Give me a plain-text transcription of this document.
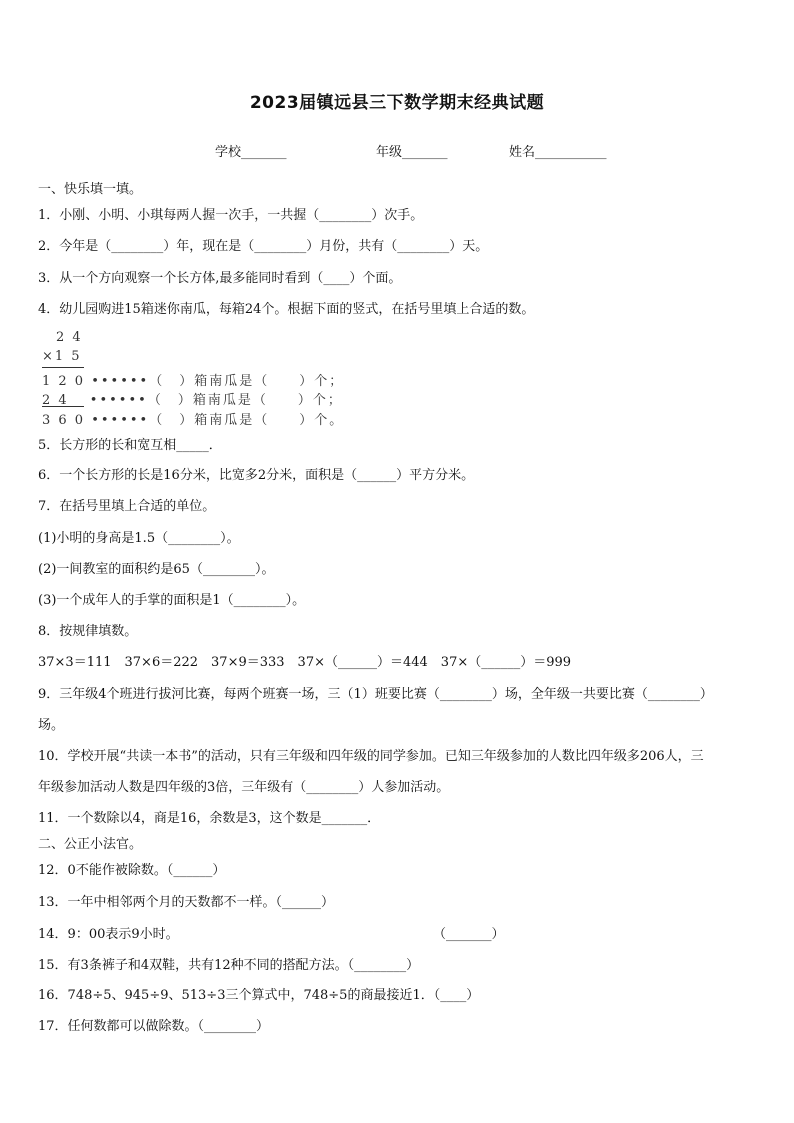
2023届镇远县三下数学期末经典试题
学校_______	年级_______	姓名___________
一、快乐填一填。
1．小刚、小明、小琪每两人握一次手，一共握（________）次手。
2．今年是（________）年，现在是（________）月份，共有（________）天。
3．从一个方向观察一个长方体,最多能同时看到（____）个面。
4．幼儿园购进15箱迷你南瓜，每箱24个。根据下面的竖式，在括号里填上合适的数。
2 4
×1 5
1 2 0 ••••••（　）箱南瓜是（　　）个；
2 4 　••••••（　）箱南瓜是（　　）个；
3 6 0 ••••••（　）箱南瓜是（　　）个。
5．长方形的长和宽互相_____．
6．一个长方形的长是16分米，比宽多2分米，面积是（______）平方分米。
7．在括号里填上合适的单位。
(1)小明的身高是1.5（________）。
(2)一间教室的面积约是65（________）。
(3)一个成年人的手掌的面积是1（________）。
8．按规律填数。
37×3＝111　37×6＝222　37×9＝333　37×（______）＝444　37×（______）＝999
9．三年级4个班进行拔河比赛，每两个班赛一场，三（1）班要比赛（________）场，全年级一共要比赛（________）
场。
10．学校开展“共读一本书”的活动，只有三年级和四年级的同学参加。已知三年级参加的人数比四年级多206人，三
年级参加活动人数是四年级的3倍，三年级有（________）人参加活动。
11．一个数除以4，商是16，余数是3，这个数是_______．
二、公正小法官。
12．0不能作被除数。（______）
13．一年中相邻两个月的天数都不一样。（______）
14．9：00表示9小时。	（_______）
15．有3条裤子和4双鞋，共有12种不同的搭配方法。（________）
16．748÷5、945÷9、513÷3三个算式中，748÷5的商最接近1．（____）
17．任何数都可以做除数。（________）
